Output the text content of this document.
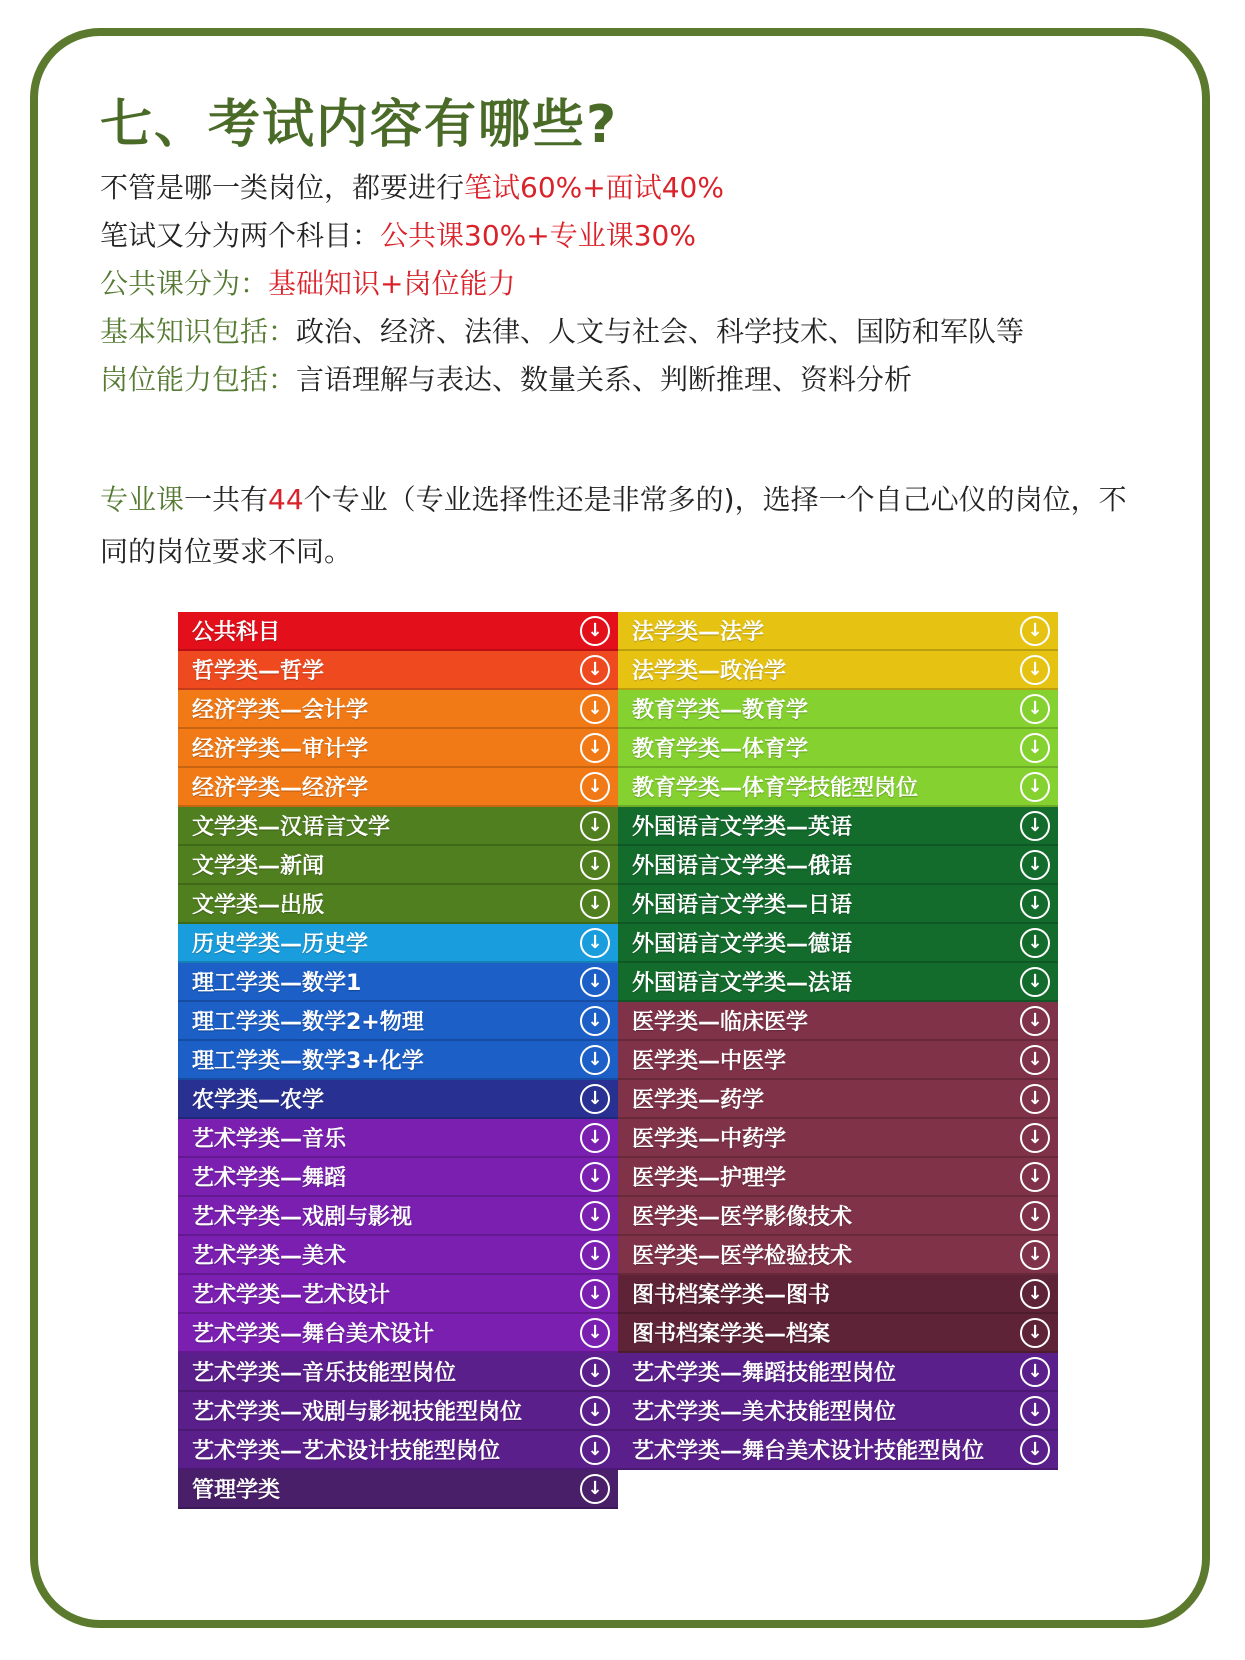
七、考试内容有哪些?
不管是哪一类岗位，都要进行笔试60%+面试40%
笔试又分为两个科目：公共课30%+专业课30%
公共课分为：基础知识+岗位能力
基本知识包括：政治、经济、法律、人文与社会、科学技术、国防和军队等
岗位能力包括：言语理解与表达、数量关系、判断推理、资料分析
专业课一共有44个专业（专业选择性还是非常多的)，选择一个自己心仪的岗位，不同的岗位要求不同。
公共科目	↓
哲学类—哲学	↓
经济学类—会计学	↓
经济学类—审计学	↓
经济学类—经济学	↓
文学类—汉语言文学	↓
文学类—新闻	↓
文学类—出版	↓
历史学类—历史学	↓
理工学类—数学1	↓
理工学类—数学2+物理	↓
理工学类—数学3+化学	↓
农学类—农学	↓
艺术学类—音乐	↓
艺术学类—舞蹈	↓
艺术学类—戏剧与影视	↓
艺术学类—美术	↓
艺术学类—艺术设计	↓
艺术学类—舞台美术设计	↓
艺术学类—音乐技能型岗位	↓
艺术学类—戏剧与影视技能型岗位	↓
艺术学类—艺术设计技能型岗位	↓
管理学类	↓
法学类—法学	↓
法学类—政治学	↓
教育学类—教育学	↓
教育学类—体育学	↓
教育学类—体育学技能型岗位	↓
外国语言文学类—英语	↓
外国语言文学类—俄语	↓
外国语言文学类—日语	↓
外国语言文学类—德语	↓
外国语言文学类—法语	↓
医学类—临床医学	↓
医学类—中医学	↓
医学类—药学	↓
医学类—中药学	↓
医学类—护理学	↓
医学类—医学影像技术	↓
医学类—医学检验技术	↓
图书档案学类—图书	↓
图书档案学类—档案	↓
艺术学类—舞蹈技能型岗位	↓
艺术学类—美术技能型岗位	↓
艺术学类—舞台美术设计技能型岗位	↓
